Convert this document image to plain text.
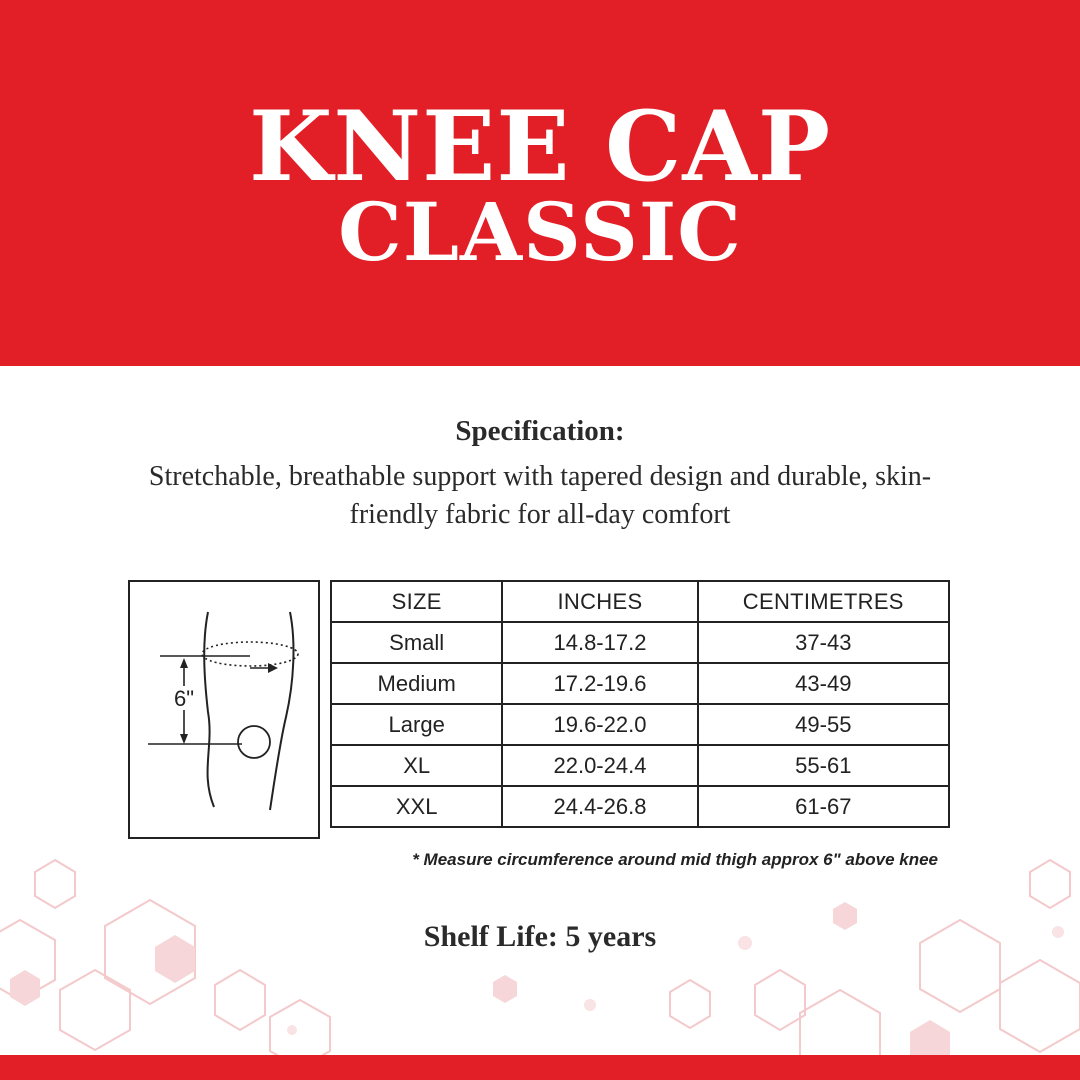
KNEE CAP
CLASSIC

Specification:

Stretchable, breathable support with tapered design and durable, skin-friendly fabric for all-day comfort

6"
SIZE	INCHES	CENTIMETRES
Small	14.8-17.2	37-43
Medium	17.2-19.6	43-49
Large	19.6-22.0	49-55
XL	22.0-24.4	55-61
XXL	24.4-26.8	61-67

* Measure circumference around mid thigh approx 6" above knee

Shelf Life: 5 years
